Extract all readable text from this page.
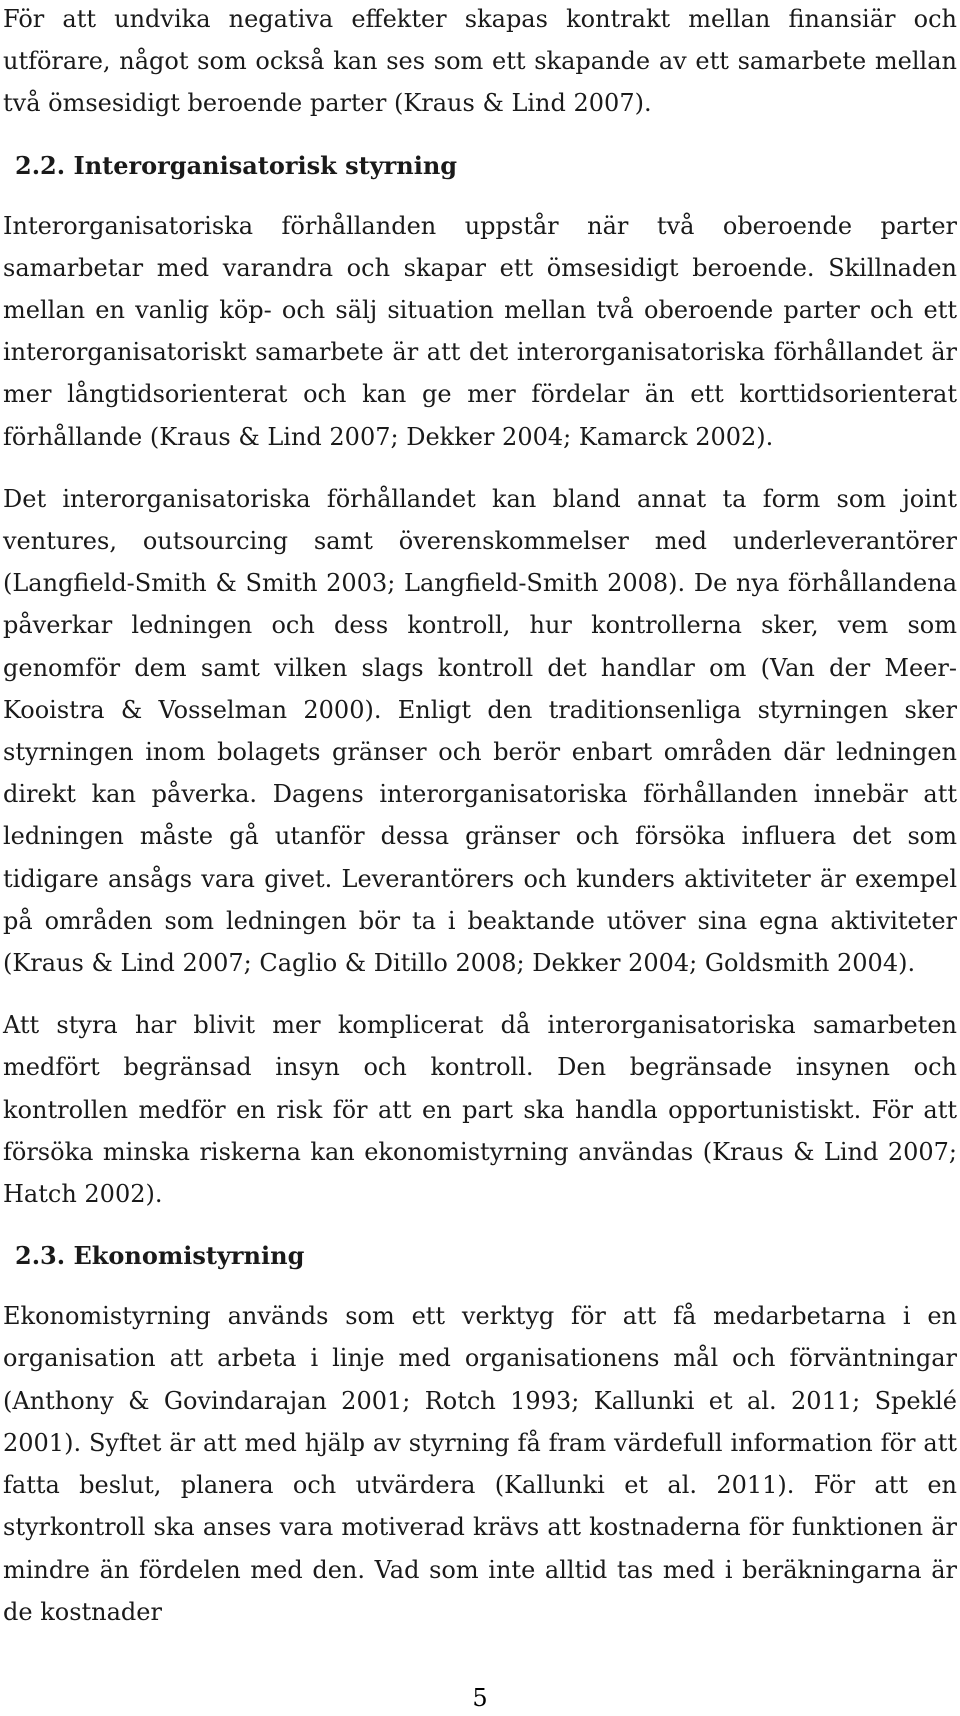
För att undvika negativa effekter skapas kontrakt mellan finansiär och utförare, något som också kan ses som ett skapande av ett samarbete mellan två ömsesidigt beroende parter (Kraus & Lind 2007).

2.2. Interorganisatorisk styrning

Interorganisatoriska förhållanden uppstår när två oberoende parter samarbetar med varandra och skapar ett ömsesidigt beroende. Skillnaden mellan en vanlig köp- och sälj situation mellan två oberoende parter och ett interorganisatoriskt samarbete är att det interorganisatoriska förhållandet är mer långtidsorienterat och kan ge mer fördelar än ett korttidsorienterat förhållande (Kraus & Lind 2007; Dekker 2004; Kamarck 2002).

Det interorganisatoriska förhållandet kan bland annat ta form som joint ventures, outsourcing samt överenskommelser med underleverantörer (Langfield-Smith & Smith 2003; Langfield-Smith 2008). De nya förhållandena påverkar ledningen och dess kontroll, hur kontrollerna sker, vem som genomför dem samt vilken slags kontroll det handlar om (Van der Meer-Kooistra & Vosselman 2000). Enligt den traditionsenliga styrningen sker styrningen inom bolagets gränser och berör enbart områden där ledningen direkt kan påverka. Dagens interorganisatoriska förhållanden innebär att ledningen måste gå utanför dessa gränser och försöka influera det som tidigare ansågs vara givet. Leverantörers och kunders aktiviteter är exempel på områden som ledningen bör ta i beaktande utöver sina egna aktiviteter (Kraus & Lind 2007; Caglio & Ditillo 2008; Dekker 2004; Goldsmith 2004).

Att styra har blivit mer komplicerat då interorganisatoriska samarbeten medfört begränsad insyn och kontroll. Den begränsade insynen och kontrollen medför en risk för att en part ska handla opportunistiskt. För att försöka minska riskerna kan ekonomistyrning användas (Kraus & Lind 2007; Hatch 2002).

2.3. Ekonomistyrning

Ekonomistyrning används som ett verktyg för att få medarbetarna i en organisation att arbeta i linje med organisationens mål och förväntningar (Anthony & Govindarajan 2001; Rotch 1993; Kallunki et al. 2011; Speklé 2001). Syftet är att med hjälp av styrning få fram värdefull information för att fatta beslut, planera och utvärdera (Kallunki et al. 2011). För att en styrkontroll ska anses vara motiverad krävs att kostnaderna för funktionen är mindre än fördelen med den. Vad som inte alltid tas med i beräkningarna är de kostnader

5
